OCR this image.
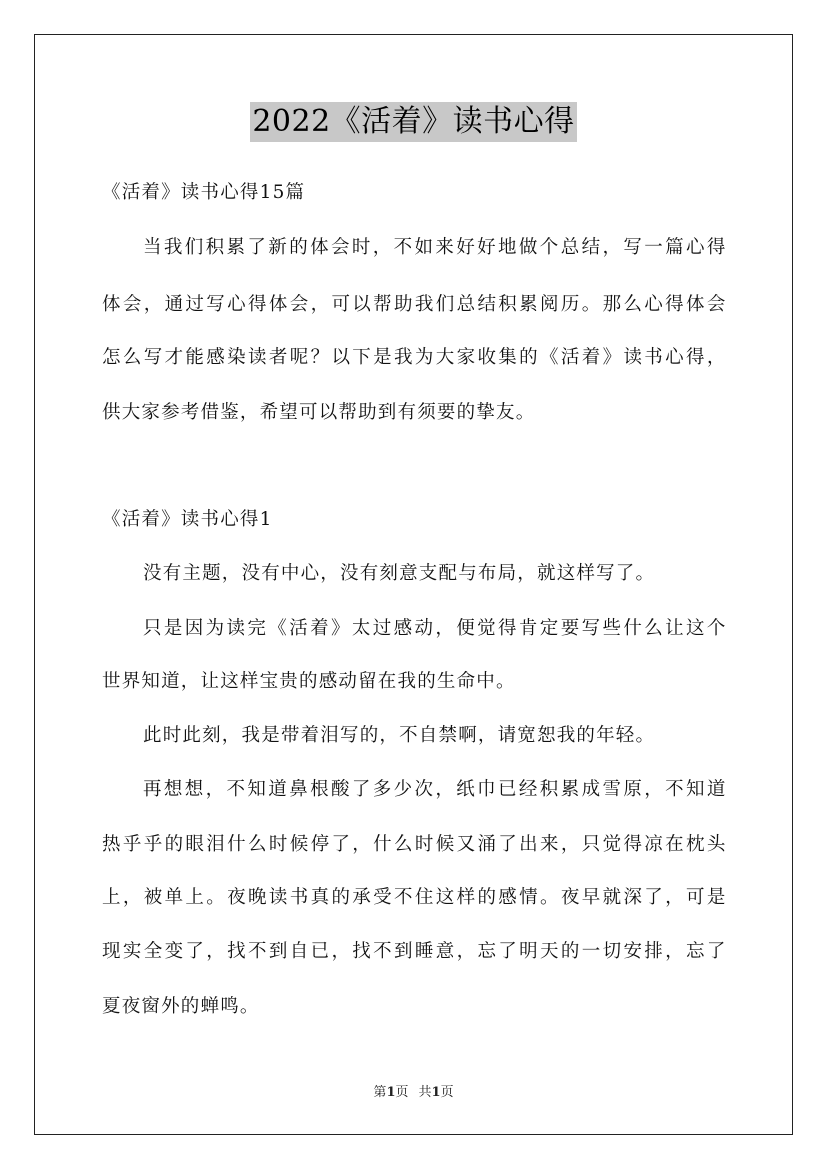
2022《活着》读书心得
《活着》读书心得15篇
当我们积累了新的体会时，不如来好好地做个总结，写一篇心得
体会，通过写心得体会，可以帮助我们总结积累阅历。那么心得体会
怎么写才能感染读者呢？以下是我为大家收集的《活着》读书心得，
供大家参考借鉴，希望可以帮助到有须要的挚友。
《活着》读书心得1
没有主题，没有中心，没有刻意支配与布局，就这样写了。
只是因为读完《活着》太过感动，便觉得肯定要写些什么让这个
世界知道，让这样宝贵的感动留在我的生命中。
此时此刻，我是带着泪写的，不自禁啊，请宽恕我的年轻。
再想想，不知道鼻根酸了多少次，纸巾已经积累成雪原，不知道
热乎乎的眼泪什么时候停了，什么时候又涌了出来，只觉得凉在枕头
上，被单上。夜晚读书真的承受不住这样的感情。夜早就深了，可是
现实全变了，找不到自已，找不到睡意，忘了明天的一切安排，忘了
夏夜窗外的蝉鸣。
第1页 共1页
